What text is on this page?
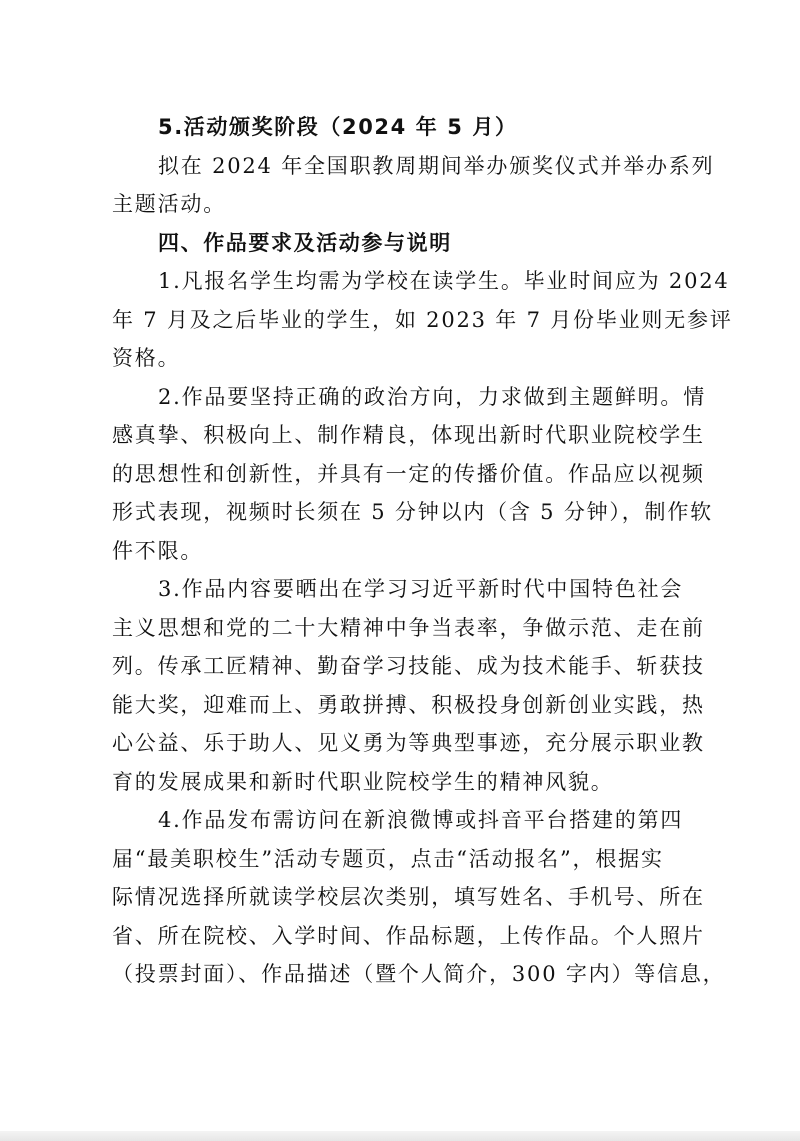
5.活动颁奖阶段（2024 年 5 月）
拟在 2024 年全国职教周期间举办颁奖仪式并举办系列
主题活动。
四、作品要求及活动参与说明
1.凡报名学生均需为学校在读学生。毕业时间应为 2024
年 7 月及之后毕业的学生，如 2023 年 7 月份毕业则无参评
资格。
2.作品要坚持正确的政治方向，力求做到主题鲜明。情
感真挚、积极向上、制作精良，体现出新时代职业院校学生
的思想性和创新性，并具有一定的传播价值。作品应以视频
形式表现，视频时长须在 5 分钟以内（含 5 分钟），制作软
件不限。
3.作品内容要晒出在学习习近平新时代中国特色社会
主义思想和党的二十大精神中争当表率，争做示范、走在前
列。传承工匠精神、勤奋学习技能、成为技术能手、斩获技
能大奖，迎难而上、勇敢拼搏、积极投身创新创业实践，热
心公益、乐于助人、见义勇为等典型事迹，充分展示职业教
育的发展成果和新时代职业院校学生的精神风貌。
4.作品发布需访问在新浪微博或抖音平台搭建的第四
届“最美职校生”活动专题页，点击“活动报名”，根据实
际情况选择所就读学校层次类别，填写姓名、手机号、所在
省、所在院校、入学时间、作品标题，上传作品。个人照片
（投票封面）、作品描述（暨个人简介，300 字内）等信息，
